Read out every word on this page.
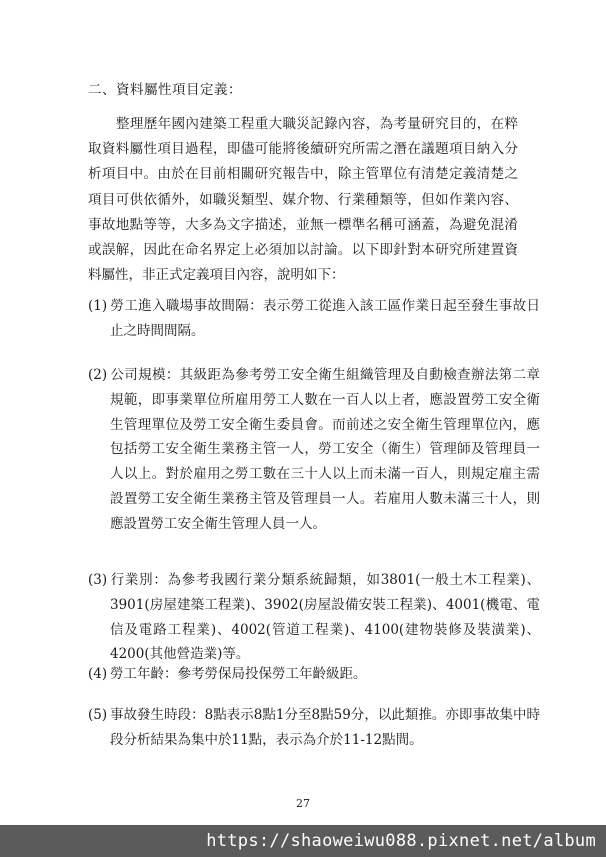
二、資料屬性項目定義：

整理歷年國內建築工程重大職災記錄內容，為考量研究目的，在粹取資料屬性項目過程，即儘可能將後續研究所需之潛在議題項目納入分析項目中。由於在目前相關研究報告中，除主管單位有清楚定義清楚之項目可供依循外，如職災類型、媒介物、行業種類等，但如作業內容、事故地點等等，大多為文字描述，並無一標準名稱可涵蓋，為避免混淆或誤解，因此在命名界定上必須加以討論。以下即針對本研究所建置資料屬性，非正式定義項目內容，說明如下：

(1) 勞工進入職場事故間隔：表示勞工從進入該工區作業日起至發生事故日止之時間間隔。

(2) 公司規模：其級距為參考勞工安全衛生組織管理及自動檢查辦法第二章規範，即事業單位所雇用勞工人數在一百人以上者，應設置勞工安全衛生管理單位及勞工安全衛生委員會。而前述之安全衛生管理單位內，應包括勞工安全衛生業務主管一人，勞工安全（衛生）管理師及管理員一人以上。對於雇用之勞工數在三十人以上而未滿一百人，則規定雇主需設置勞工安全衛生業務主管及管理員一人。若雇用人數未滿三十人，則應設置勞工安全衛生管理人員一人。

(3) 行業別：為參考我國行業分類系統歸類，如3801(一般土木工程業)、3901(房屋建築工程業)、3902(房屋設備安裝工程業)、4001(機電、電信及電路工程業)、4002(管道工程業)、4100(建物裝修及裝潢業)、4200(其他營造業)等。

(4) 勞工年齡：參考勞保局投保勞工年齡級距。

(5) 事故發生時段：8點表示8點1分至8點59分，以此類推。亦即事故集中時段分析結果為集中於11點，表示為介於11-12點間。

27
https://shaoweiwu088.pixnet.net/album
